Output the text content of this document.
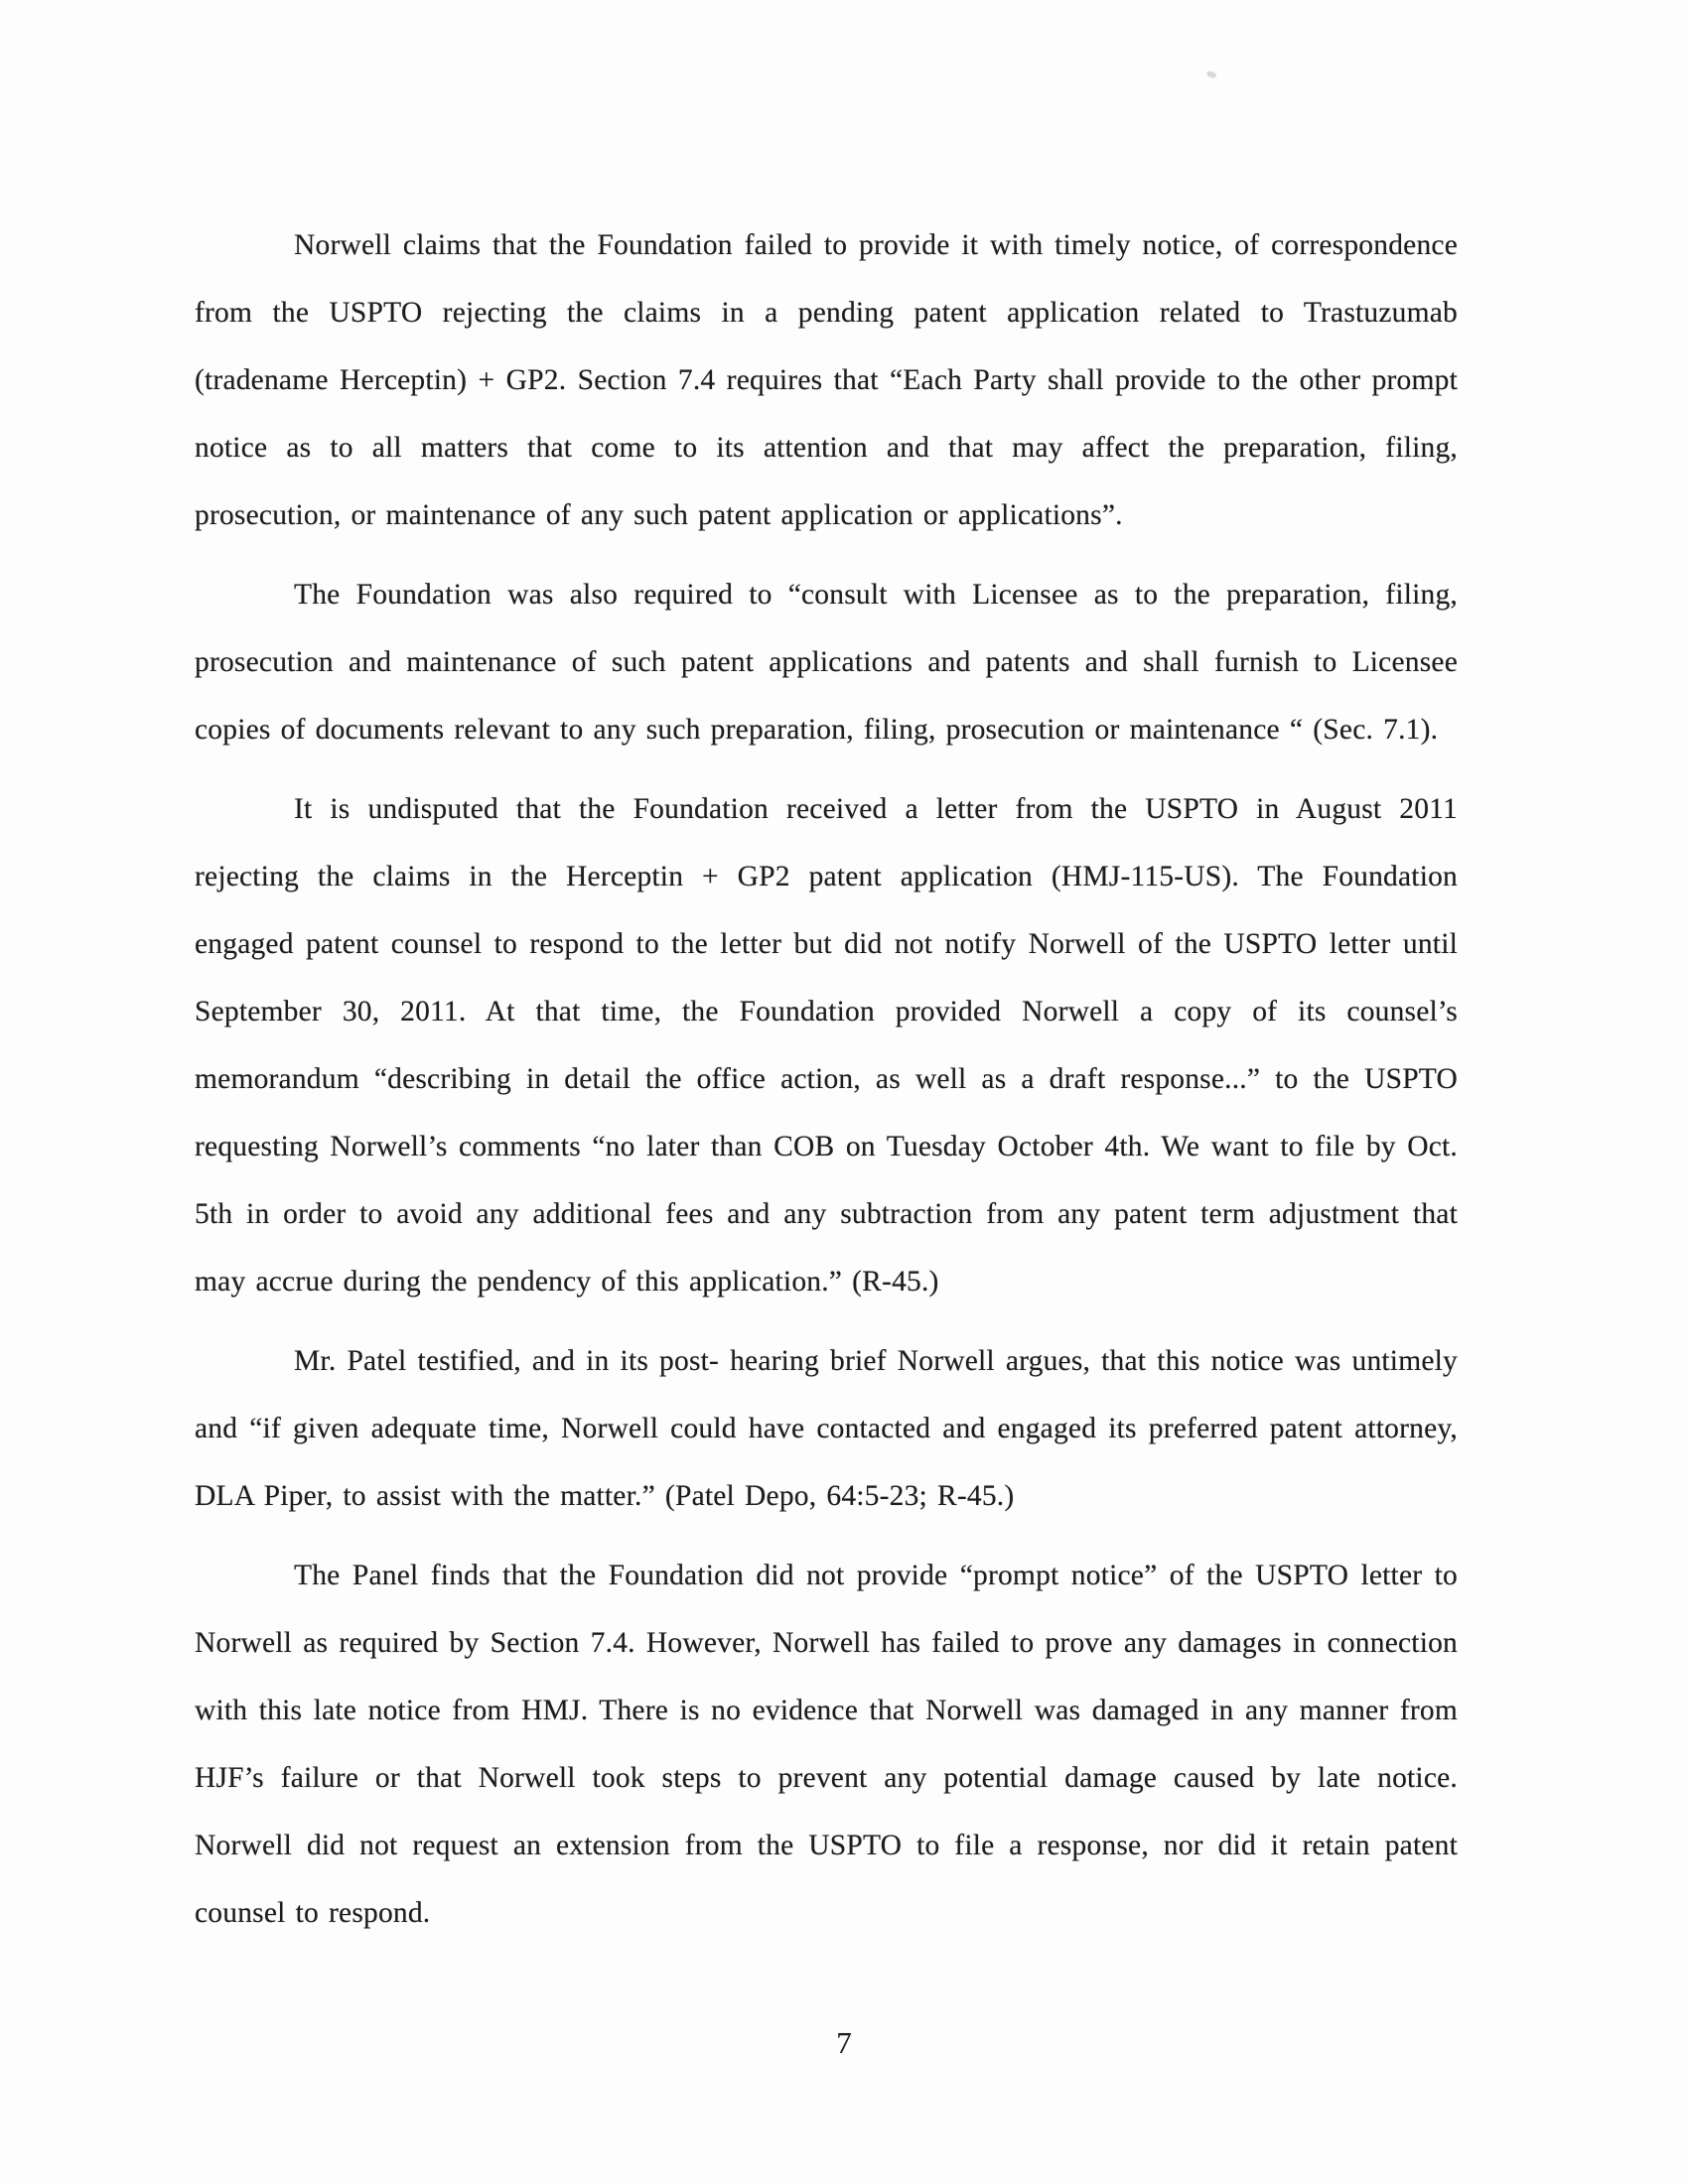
Norwell claims that the Foundation failed to provide it with timely notice, of correspondence from the USPTO rejecting the claims in a pending patent application related to Trastuzumab (tradename Herceptin) + GP2. Section 7.4 requires that “Each Party shall provide to the other prompt notice as to all matters that come to its attention and that may affect the preparation, filing, prosecution, or maintenance of any such patent application or applications”.

The Foundation was also required to “consult with Licensee as to the preparation, filing, prosecution and maintenance of such patent applications and patents and shall furnish to Licensee copies of documents relevant to any such preparation, filing, prosecution or maintenance “ (Sec. 7.1).

It is undisputed that the Foundation received a letter from the USPTO in August 2011 rejecting the claims in the Herceptin + GP2 patent application (HMJ-115-US). The Foundation engaged patent counsel to respond to the letter but did not notify Norwell of the USPTO letter until September 30, 2011. At that time, the Foundation provided Norwell a copy of its counsel’s memorandum “describing in detail the office action, as well as a draft response...” to the USPTO requesting Norwell’s comments “no later than COB on Tuesday October 4th. We want to file by Oct. 5th in order to avoid any additional fees and any subtraction from any patent term adjustment that may accrue during the pendency of this application.” (R-45.)

Mr. Patel testified, and in its post- hearing brief Norwell argues, that this notice was untimely and “if given adequate time, Norwell could have contacted and engaged its preferred patent attorney, DLA Piper, to assist with the matter.” (Patel Depo, 64:5-23; R-45.)

The Panel finds that the Foundation did not provide “prompt notice” of the USPTO letter to Norwell as required by Section 7.4. However, Norwell has failed to prove any damages in connection with this late notice from HMJ. There is no evidence that Norwell was damaged in any manner from HJF’s failure or that Norwell took steps to prevent any potential damage caused by late notice. Norwell did not request an extension from the USPTO to file a response, nor did it retain patent counsel to respond.

7
